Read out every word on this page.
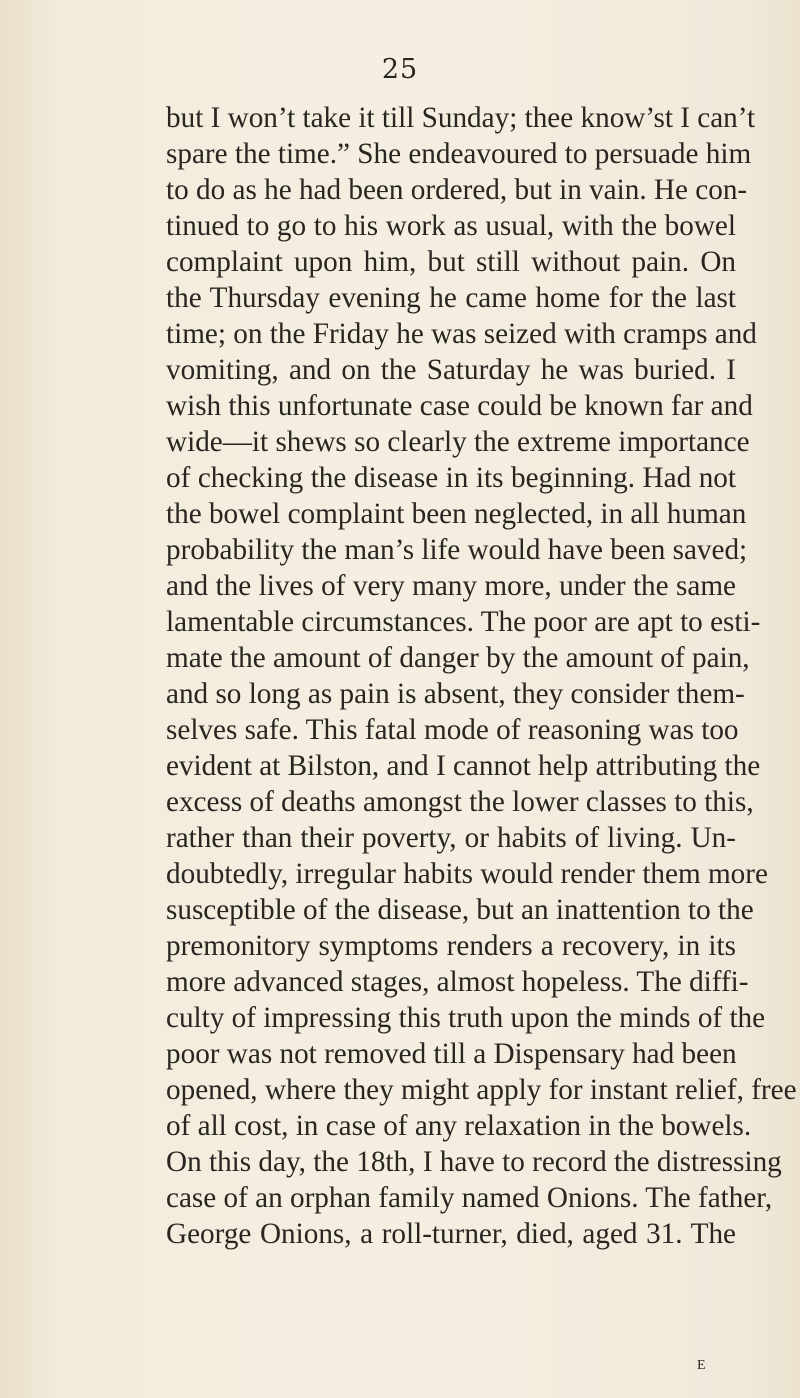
25
but I won’t take it till Sunday; thee know’st I can’t
spare the time.” She endeavoured to persuade him
to do as he had been ordered, but in vain. He con-
tinued to go to his work as usual, with the bowel
complaint upon him, but still without pain. On
the Thursday evening he came home for the last
time; on the Friday he was seized with cramps and
vomiting, and on the Saturday he was buried. I
wish this unfortunate case could be known far and
wide—it shews so clearly the extreme importance
of checking the disease in its beginning. Had not
the bowel complaint been neglected, in all human
probability the man’s life would have been saved;
and the lives of very many more, under the same
lamentable circumstances. The poor are apt to esti-
mate the amount of danger by the amount of pain,
and so long as pain is absent, they consider them-
selves safe. This fatal mode of reasoning was too
evident at Bilston, and I cannot help attributing the
excess of deaths amongst the lower classes to this,
rather than their poverty, or habits of living. Un-
doubtedly, irregular habits would render them more
susceptible of the disease, but an inattention to the
premonitory symptoms renders a recovery, in its
more advanced stages, almost hopeless. The diffi-
culty of impressing this truth upon the minds of the
poor was not removed till a Dispensary had been
opened, where they might apply for instant relief, free
of all cost, in case of any relaxation in the bowels.
On this day, the 18th, I have to record the distressing
case of an orphan family named Onions. The father,
George Onions, a roll-turner, died, aged 31. The
E
